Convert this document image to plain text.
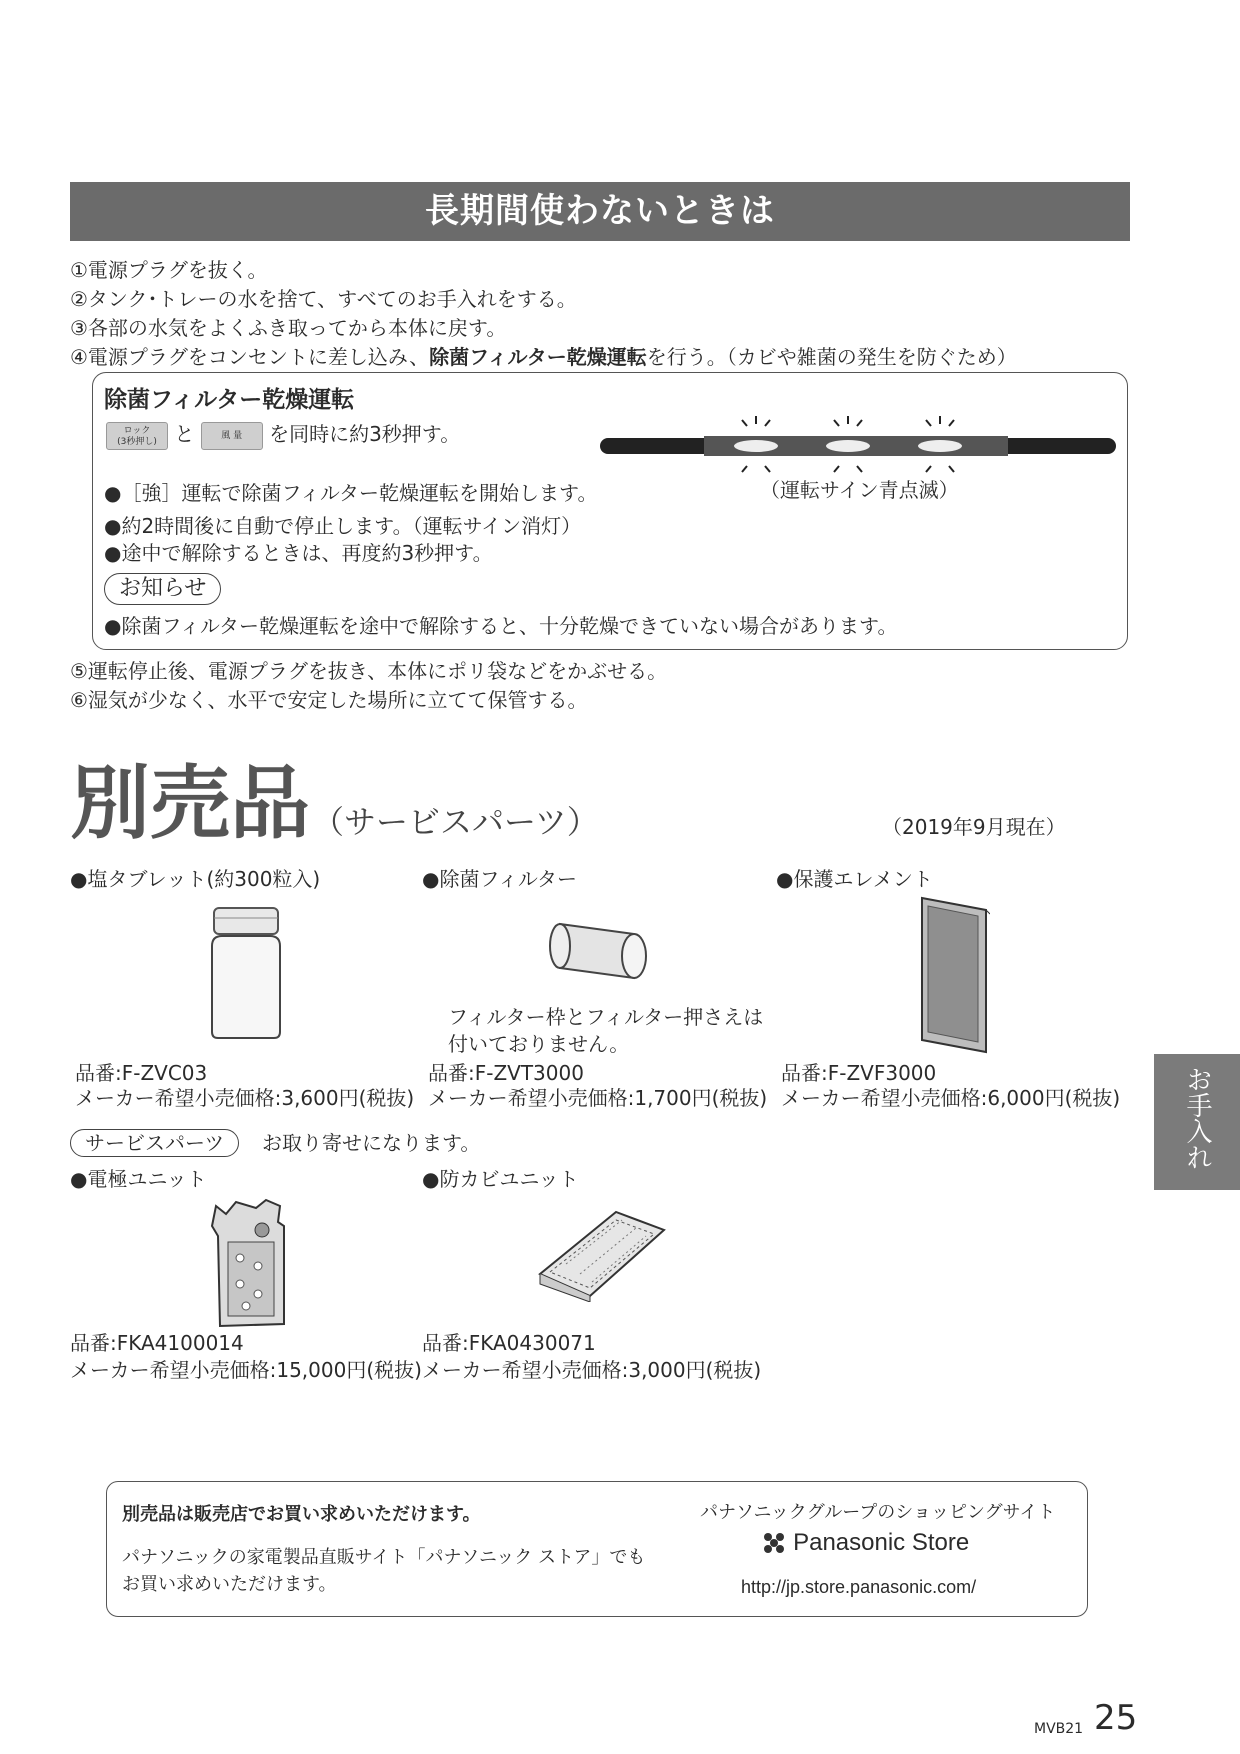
長期間使わないときは
①電源プラグを抜く。
②タンク･トレーの水を捨て、すべてのお手入れをする。
③各部の水気をよくふき取ってから本体に戻す。
④電源プラグをコンセントに差し込み、除菌フィルター乾燥運転を行う。（カビや雑菌の発生を防ぐため）
除菌フィルター乾燥運転
ロック
(3秒押し) と	風 量 を同時に約3秒押す。
（運転サイン青点滅）
●［強］運転で除菌フィルター乾燥運転を開始します。
●約2時間後に自動で停止します。（運転サイン消灯）
●途中で解除するときは、再度約3秒押す。
お知らせ
●除菌フィルター乾燥運転を途中で解除すると、十分乾燥できていない場合があります。
⑤運転停止後、電源プラグを抜き、本体にポリ袋などをかぶせる。
⑥湿気が少なく、水平で安定した場所に立てて保管する。
別売品 （サービスパーツ）	（2019年9月現在）
●塩タブレット(約300粒入)
品番:F-ZVC03
メーカー希望小売価格:3,600円(税抜)
●除菌フィルター
フィルター枠とフィルター押さえは
付いておりません。
品番:F-ZVT3000
メーカー希望小売価格:1,700円(税抜)
●保護エレメント
品番:F-ZVF3000
メーカー希望小売価格:6,000円(税抜)
サービスパーツ	お取り寄せになります。
●電極ユニット
品番:FKA4100014
メーカー希望小売価格:15,000円(税抜)
●防カビユニット
品番:FKA0430071
メーカー希望小売価格:3,000円(税抜)
お手入れ
別売品は販売店でお買い求めいただけます。
パナソニックの家電製品直販サイト「パナソニック ストア」でも
お買い求めいただけます。
パナソニックグループのショッピングサイト
Panasonic Store
http://jp.store.panasonic.com/
MVB21 25
